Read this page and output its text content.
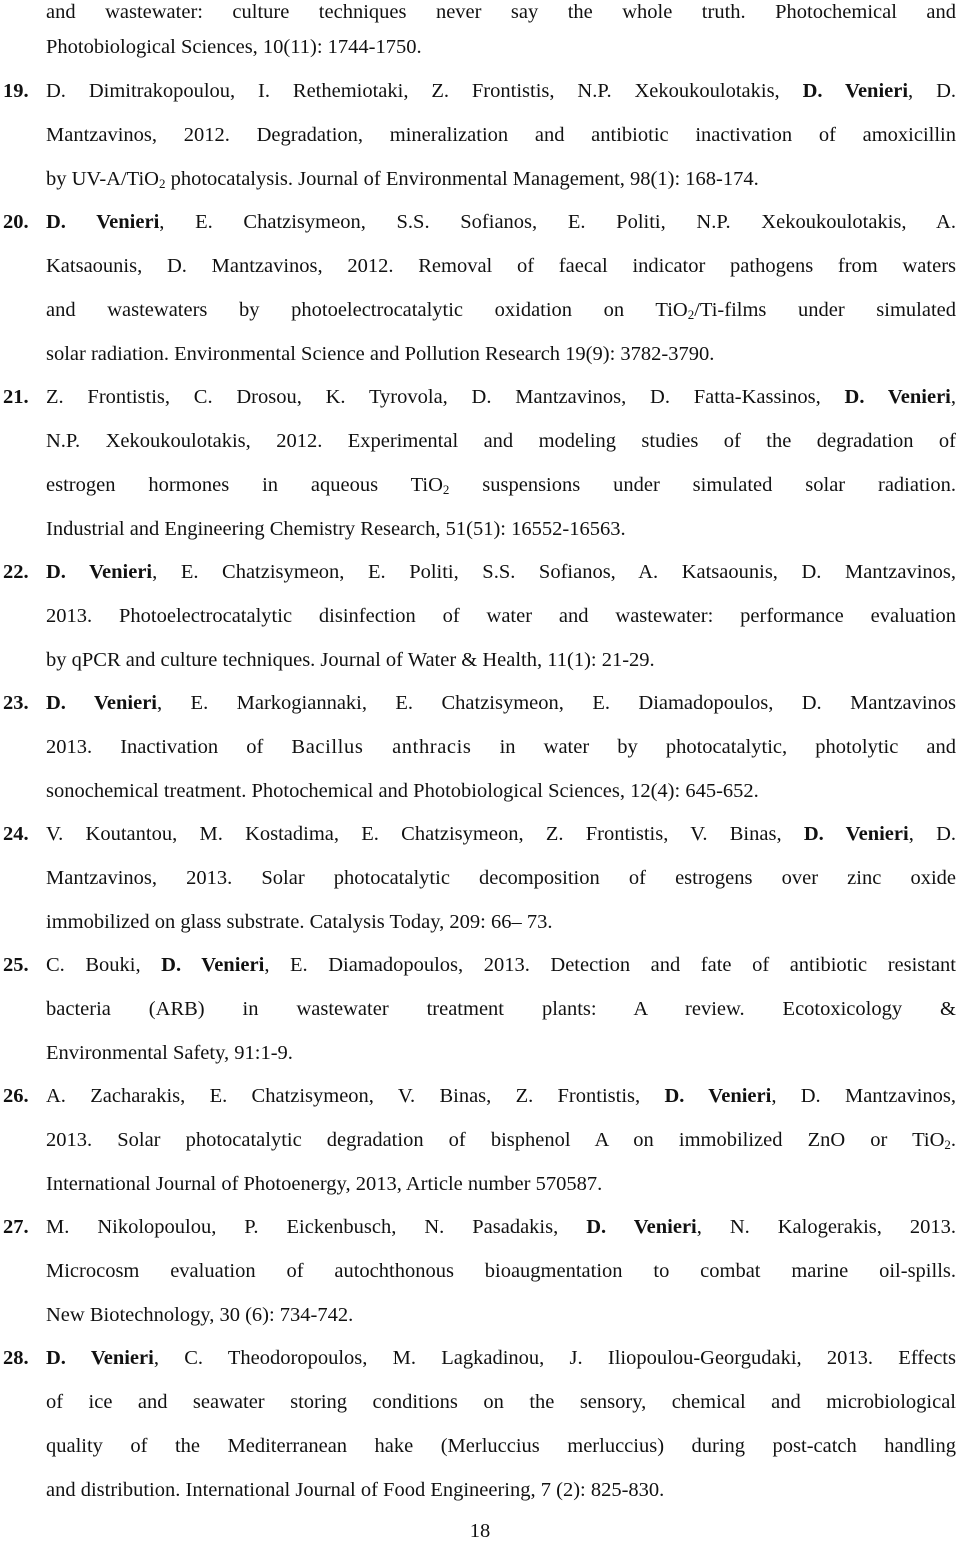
and wastewater: culture techniques never say the whole truth. Photochemical and
Photobiological Sciences, 10(11): 1744-1750.
19. D. Dimitrakopoulou, I. Rethemiotaki, Z. Frontistis, N.P. Xekoukoulotakis, D. Venieri, D.
Mantzavinos, 2012. Degradation, mineralization and antibiotic inactivation of amoxicillin
by UV-A/TiO$_2$ photocatalysis. Journal of Environmental Management, 98(1): 168-174.
20. D. Venieri, E. Chatzisymeon, S.S. Sofianos, E. Politi, N.P. Xekoukoulotakis, A.
Katsaounis, D. Mantzavinos, 2012. Removal of faecal indicator pathogens from waters
and wastewaters by photoelectrocatalytic oxidation on TiO$_2$/Ti-films under simulated
solar radiation. Environmental Science and Pollution Research 19(9): 3782-3790.
21. Z. Frontistis, C. Drosou, K. Tyrovola, D. Mantzavinos, D. Fatta-Kassinos, D. Venieri,
N.P. Xekoukoulotakis, 2012. Experimental and modeling studies of the degradation of
estrogen hormones in aqueous TiO$_2$ suspensions under simulated solar radiation.
Industrial and Engineering Chemistry Research, 51(51): 16552-16563.
22. D. Venieri, E. Chatzisymeon, E. Politi, S.S. Sofianos, A. Katsaounis, D. Mantzavinos,
2013. Photoelectrocatalytic disinfection of water and wastewater: performance evaluation
by qPCR and culture techniques. Journal of Water & Health, 11(1): 21-29.
23. D. Venieri, E. Markogiannaki, E. Chatzisymeon, E. Diamadopoulos, D. Mantzavinos
2013. Inactivation of Bacillus anthracis in water by photocatalytic, photolytic and
sonochemical treatment. Photochemical and Photobiological Sciences, 12(4): 645-652.
24. V. Koutantou, M. Kostadima, E. Chatzisymeon, Z. Frontistis, V. Binas, D. Venieri, D.
Mantzavinos, 2013. Solar photocatalytic decomposition of estrogens over zinc oxide
immobilized on glass substrate. Catalysis Today, 209: 66– 73.
25. C. Bouki, D. Venieri, E. Diamadopoulos, 2013. Detection and fate of antibiotic resistant
bacteria (ARB) in wastewater treatment plants: A review. Ecotoxicology &
Environmental Safety, 91:1-9.
26. A. Zacharakis, E. Chatzisymeon, V. Binas, Z. Frontistis, D. Venieri, D. Mantzavinos,
2013. Solar photocatalytic degradation of bisphenol A on immobilized ZnO or TiO$_2$.
International Journal of Photoenergy, 2013, Article number 570587.
27. M. Nikolopoulou, P. Eickenbusch, N. Pasadakis, D. Venieri, N. Kalogerakis, 2013.
Microcosm evaluation of autochthonous bioaugmentation to combat marine oil-spills.
New Biotechnology, 30 (6): 734-742.
28. D. Venieri, C. Theodoropoulos, M. Lagkadinou, J. Iliopoulou-Georgudaki, 2013. Effects
of ice and seawater storing conditions on the sensory, chemical and microbiological
quality of the Mediterranean hake (Merluccius merluccius) during post-catch handling
and distribution. International Journal of Food Engineering, 7 (2): 825-830.
18
